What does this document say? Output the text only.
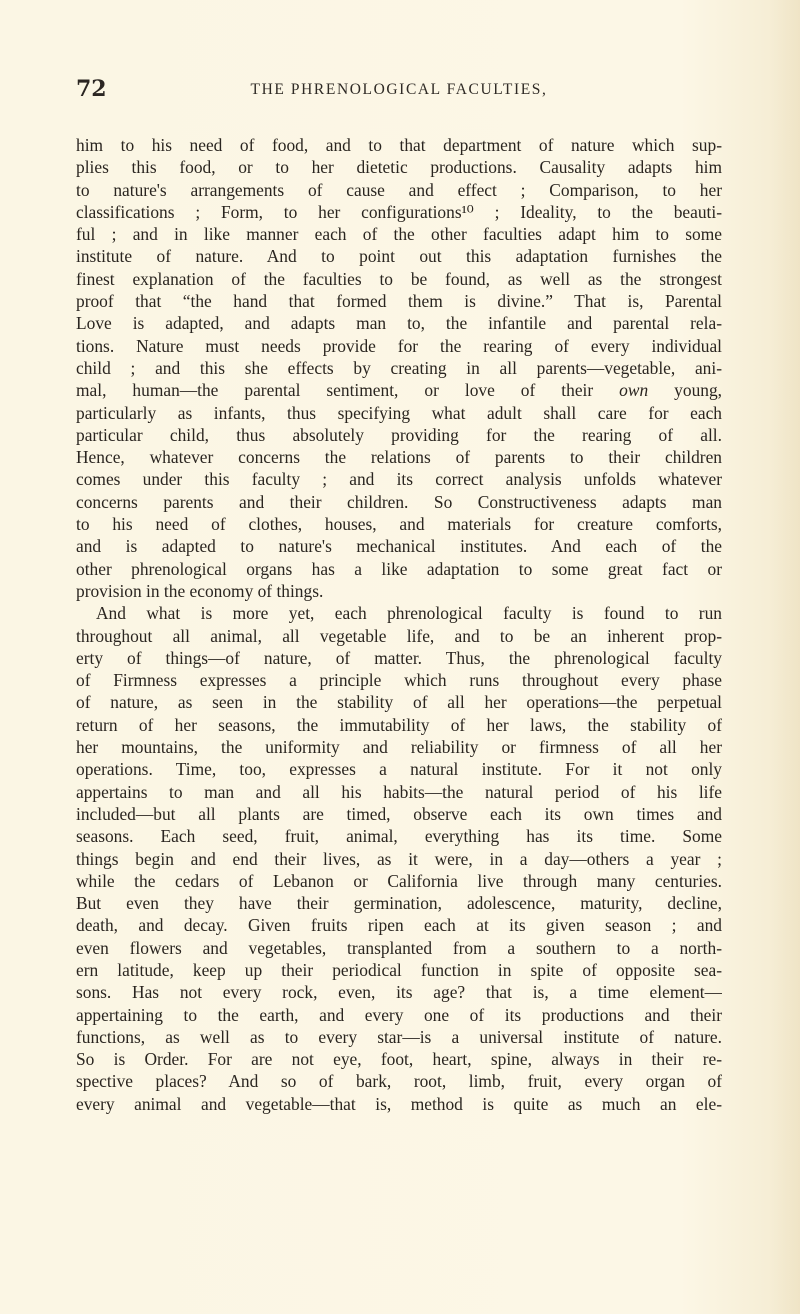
72	THE PHRENOLOGICAL FACULTIES,
him to his need of food, and to that department of nature which sup-
plies this food, or to her dietetic productions. Causality adapts him
to nature's arrangements of cause and effect ; Comparison, to her
classifications ; Form, to her configurations¹⁰ ; Ideality, to the beauti-
ful ; and in like manner each of the other faculties adapt him to some
institute of nature. And to point out this adaptation furnishes the
finest explanation of the faculties to be found, as well as the strongest
proof that “the hand that formed them is divine.” That is, Parental
Love is adapted, and adapts man to, the infantile and parental rela-
tions. Nature must needs provide for the rearing of every individual
child ; and this she effects by creating in all parents—vegetable, ani-
mal, human—the parental sentiment, or love of their own young,
particularly as infants, thus specifying what adult shall care for each
particular child, thus absolutely providing for the rearing of all.
Hence, whatever concerns the relations of parents to their children
comes under this faculty ; and its correct analysis unfolds whatever
concerns parents and their children. So Constructiveness adapts man
to his need of clothes, houses, and materials for creature comforts,
and is adapted to nature's mechanical institutes. And each of the
other phrenological organs has a like adaptation to some great fact or
provision in the economy of things.
And what is more yet, each phrenological faculty is found to run
throughout all animal, all vegetable life, and to be an inherent prop-
erty of things—of nature, of matter. Thus, the phrenological faculty
of Firmness expresses a principle which runs throughout every phase
of nature, as seen in the stability of all her operations—the perpetual
return of her seasons, the immutability of her laws, the stability of
her mountains, the uniformity and reliability or firmness of all her
operations. Time, too, expresses a natural institute. For it not only
appertains to man and all his habits—the natural period of his life
included—but all plants are timed, observe each its own times and
seasons. Each seed, fruit, animal, everything has its time. Some
things begin and end their lives, as it were, in a day—others a year ;
while the cedars of Lebanon or California live through many centuries.
But even they have their germination, adolescence, maturity, decline,
death, and decay. Given fruits ripen each at its given season ; and
even flowers and vegetables, transplanted from a southern to a north-
ern latitude, keep up their periodical function in spite of opposite sea-
sons. Has not every rock, even, its age? that is, a time element—
appertaining to the earth, and every one of its productions and their
functions, as well as to every star—is a universal institute of nature.
So is Order. For are not eye, foot, heart, spine, always in their re-
spective places? And so of bark, root, limb, fruit, every organ of
every animal and vegetable—that is, method is quite as much an ele-
